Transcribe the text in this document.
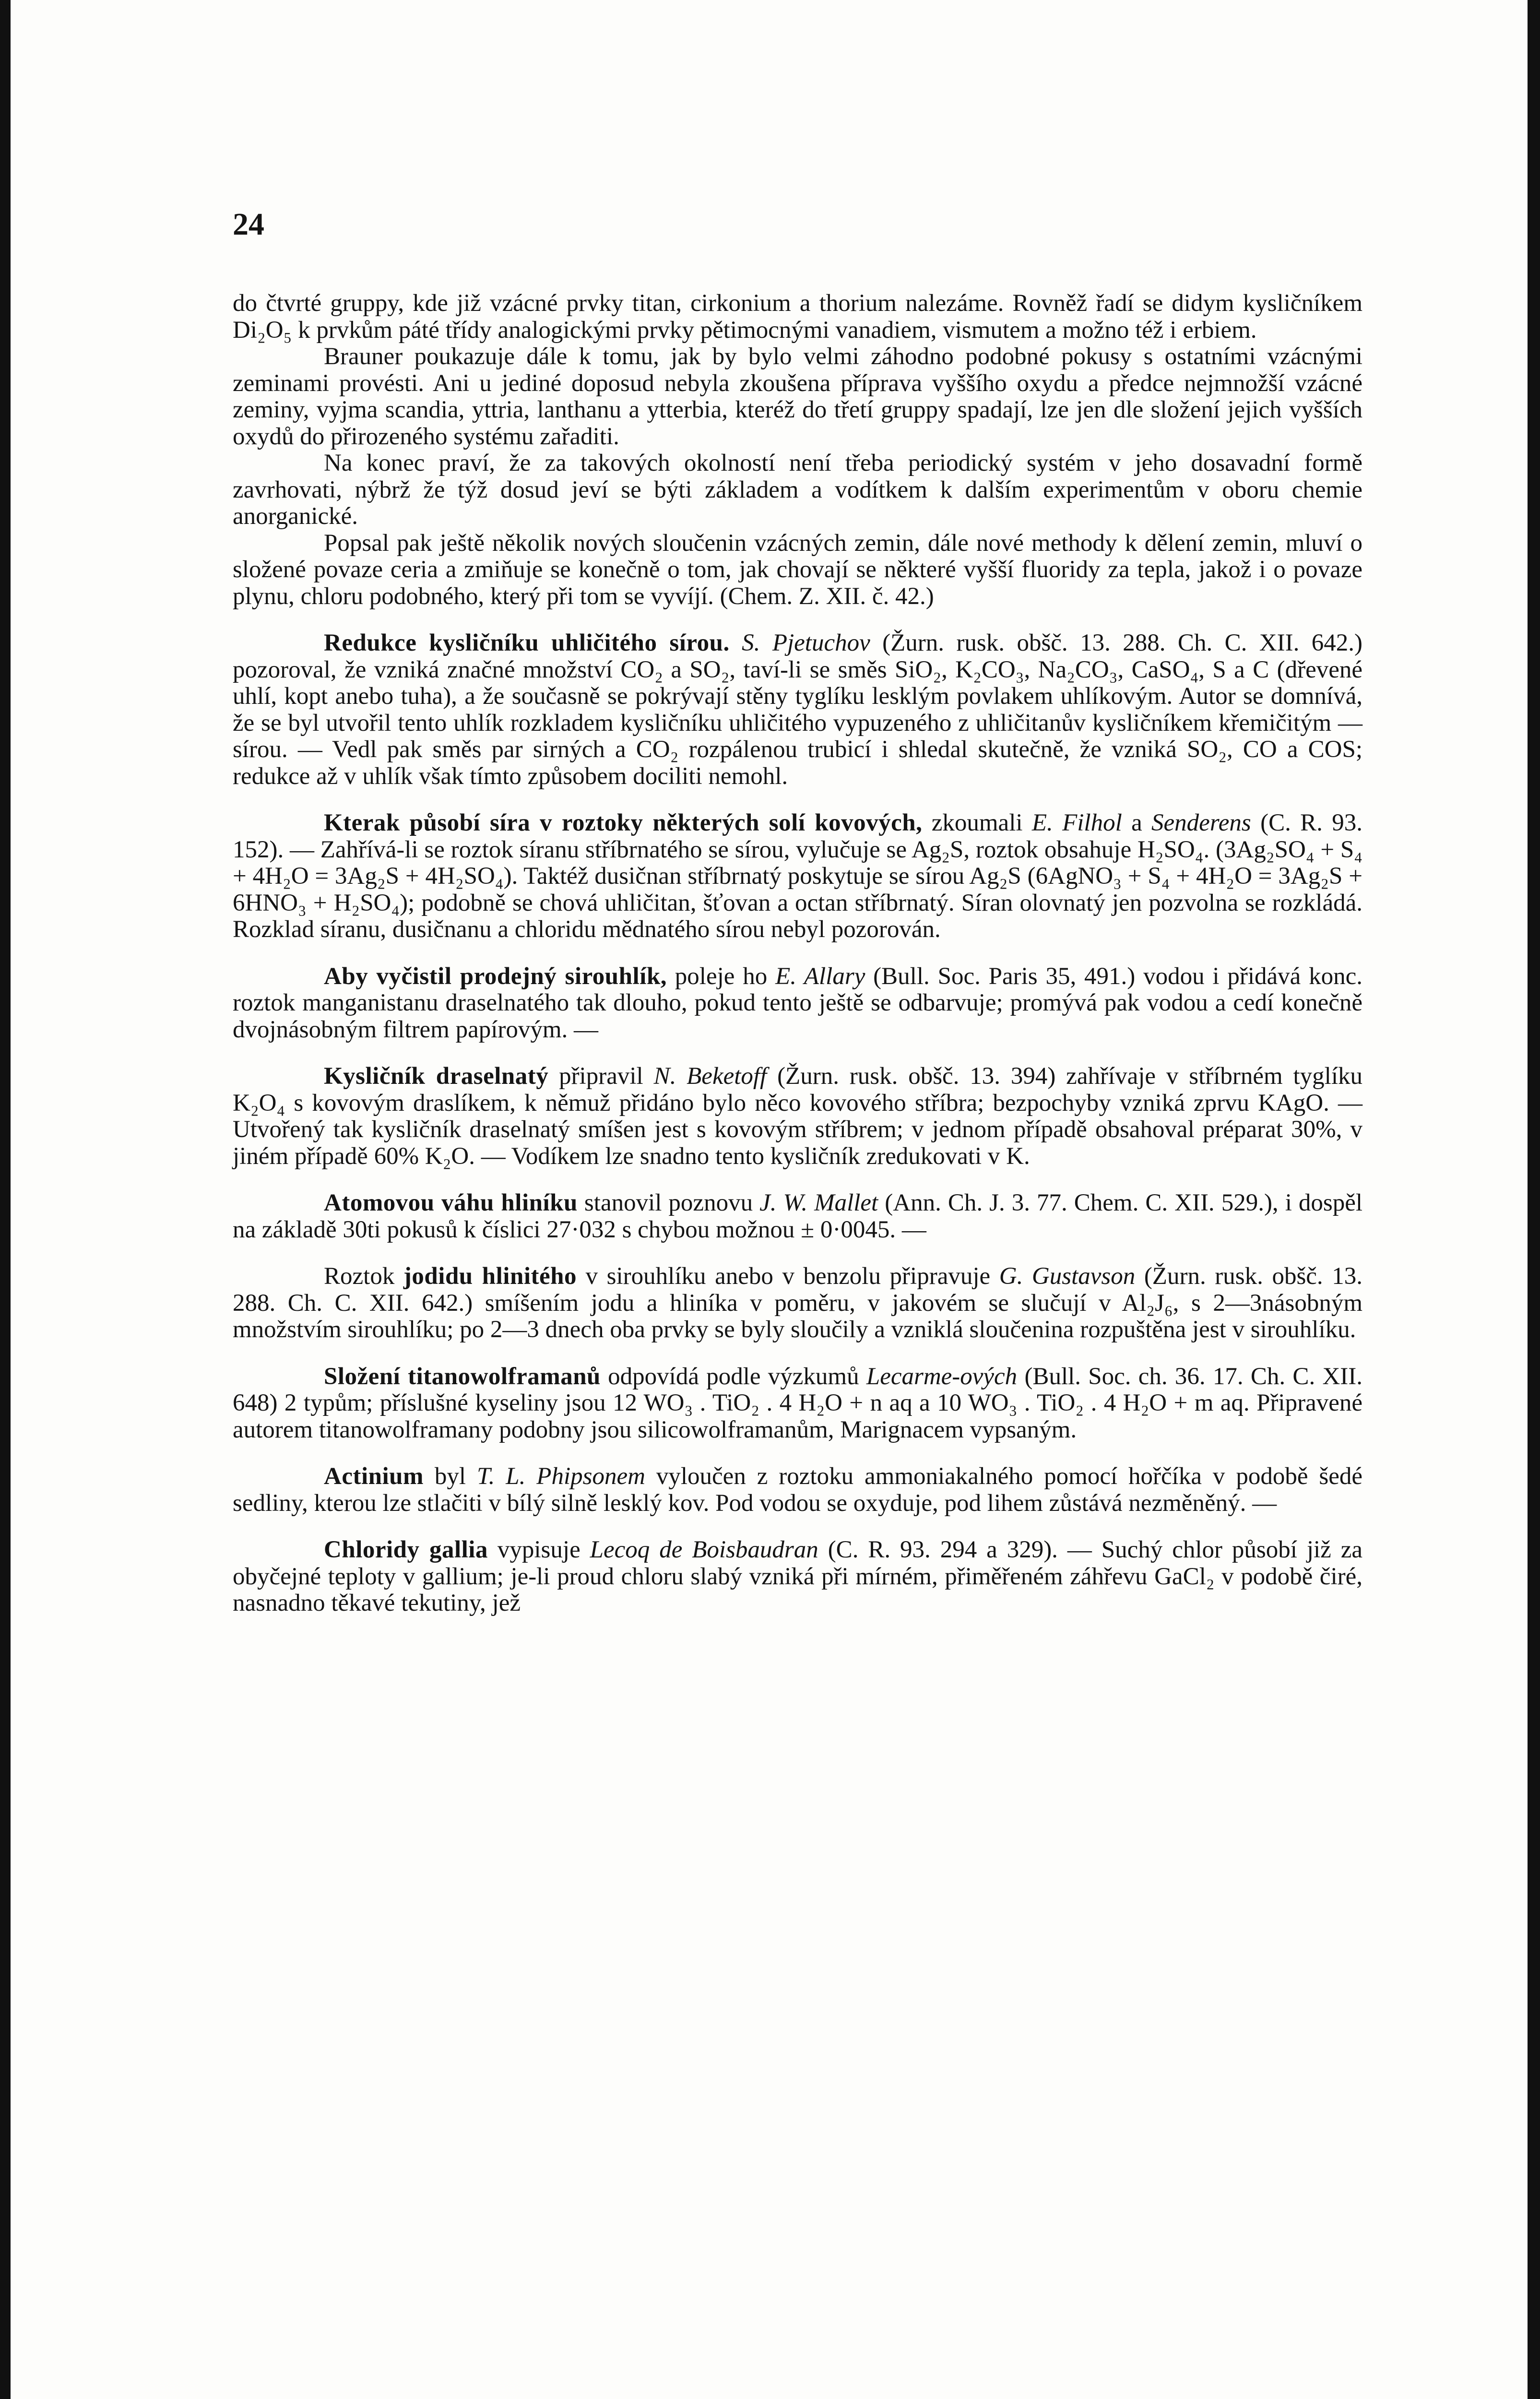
24

do čtvrté gruppy, kde již vzácné prvky titan, cirkonium a thorium nalezáme. Rovněž řadí se didym kysličníkem Di₂O₅ k prvkům páté třídy analogickými prvky pětimocnými vanadiem, vismutem a možno též i erbiem.

Brauner poukazuje dále k tomu, jak by bylo velmi záhodno podobné pokusy s ostatními vzácnými zeminami provésti. Ani u jediné doposud nebyla zkoušena příprava vyššího oxydu a předce nejmnožší vzácné zeminy, vyjma scandia, yttria, lanthanu a ytterbia, kteréž do třetí gruppy spadají, lze jen dle složení jejich vyšších oxydů do přirozeného systému zařaditi.

Na konec praví, že za takových okolností není třeba periodický systém v jeho dosavadní formě zavrhovati, nýbrž že týž dosud jeví se býti základem a vodítkem k dalším experimentům v oboru chemie anorganické.

Popsal pak ještě několik nových sloučenin vzácných zemin, dále nové methody k dělení zemin, mluví o složené povaze ceria a zmiňuje se konečně o tom, jak chovají se některé vyšší fluoridy za tepla, jakož i o povaze plynu, chloru podobného, který při tom se vyvíjí. (Chem. Z. XII. č. 42.)

Redukce kysličníku uhličitého sírou. S. Pjetuchov (Žurn. rusk. obšč. 13. 288. Ch. C. XII. 642.) pozoroval, že vzniká značné množství CO₂ a SO₂, taví-li se směs SiO₂, K₂CO₃, Na₂CO₃, CaSO₄, S a C (dřevené uhlí, kopt anebo tuha), a že současně se pokrývají stěny tyglíku lesklým povlakem uhlíkovým. Autor se domnívá, že se byl utvořil tento uhlík rozkladem kysličníku uhličitého vypuzeného z uhličitanův kysličníkem křemičitým — sírou. — Vedl pak směs par sirných a CO₂ rozpálenou trubicí i shledal skutečně, že vzniká SO₂, CO a COS; redukce až v uhlík však tímto způsobem dociliti nemohl.

Kterak působí síra v roztoky některých solí kovových, zkoumali E. Filhol a Senderens (C. R. 93. 152). — Zahřívá-li se roztok síranu stříbrnatého se sírou, vylučuje se Ag₂S, roztok obsahuje H₂SO₄. (3Ag₂SO₄ + S₄ + 4H₂O = 3Ag₂S + 4H₂SO₄). Taktéž dusičnan stříbrnatý poskytuje se sírou Ag₂S (6AgNO₃ + S₄ + 4H₂O = 3Ag₂S + 6HNO₃ + H₂SO₄); podobně se chová uhličitan, šťovan a octan stříbrnatý. Síran olovnatý jen pozvolna se rozkládá. Rozklad síranu, dusičnanu a chloridu mědnatého sírou nebyl pozorován.

Aby vyčistil prodejný sirouhlík, poleje ho E. Allary (Bull. Soc. Paris 35, 491.) vodou i přidává konc. roztok manganistanu draselnatého tak dlouho, pokud tento ještě se odbarvuje; promývá pak vodou a cedí konečně dvojnásobným filtrem papírovým. —

Kysličník draselnatý připravil N. Beketoff (Žurn. rusk. obšč. 13. 394) zahřívaje v stříbrném tyglíku K₂O₄ s kovovým draslíkem, k němuž přidáno bylo něco kovového stříbra; bezpochyby vzniká zprvu KAgO. — Utvořený tak kysličník draselnatý smíšen jest s kovovým stříbrem; v jednom případě obsahoval préparat 30%, v jiném případě 60% K₂O. — Vodíkem lze snadno tento kysličník zredukovati v K.

Atomovou váhu hliníku stanovil poznovu J. W. Mallet (Ann. Ch. J. 3. 77. Chem. C. XII. 529.), i dospěl na základě 30ti pokusů k číslici 27·032 s chybou možnou ± 0·0045. —

Roztok jodidu hlinitého v sirouhlíku anebo v benzolu připravuje G. Gustavson (Žurn. rusk. obšč. 13. 288. Ch. C. XII. 642.) smíšením jodu a hliníka v poměru, v jakovém se slučují v Al₂J₆, s 2—3násobným množstvím sirouhlíku; po 2—3 dnech oba prvky se byly sloučily a vzniklá sloučenina rozpuštěna jest v sirouhlíku.

Složení titanowolframanů odpovídá podle výzkumů Lecarme-ových (Bull. Soc. ch. 36. 17. Ch. C. XII. 648) 2 typům; příslušné kyseliny jsou 12 WO₃ . TiO₂ . 4 H₂O + n aq a 10 WO₃ . TiO₂ . 4 H₂O + m aq. Připravené autorem titanowolframany podobny jsou silicowolframanům, Marignacem vypsaným.

Actinium byl T. L. Phipsonem vyloučen z roztoku ammoniakalného pomocí hořčíka v podobě šedé sedliny, kterou lze stlačiti v bílý silně lesklý kov. Pod vodou se oxyduje, pod lihem zůstává nezměněný. —

Chloridy gallia vypisuje Lecoq de Boisbaudran (C. R. 93. 294 a 329). — Suchý chlor působí již za obyčejné teploty v gallium; je-li proud chloru slabý vzniká při mírném, přiměřeném záhřevu GaCl₂ v podobě čiré, nasnadno těkavé tekutiny, jež
